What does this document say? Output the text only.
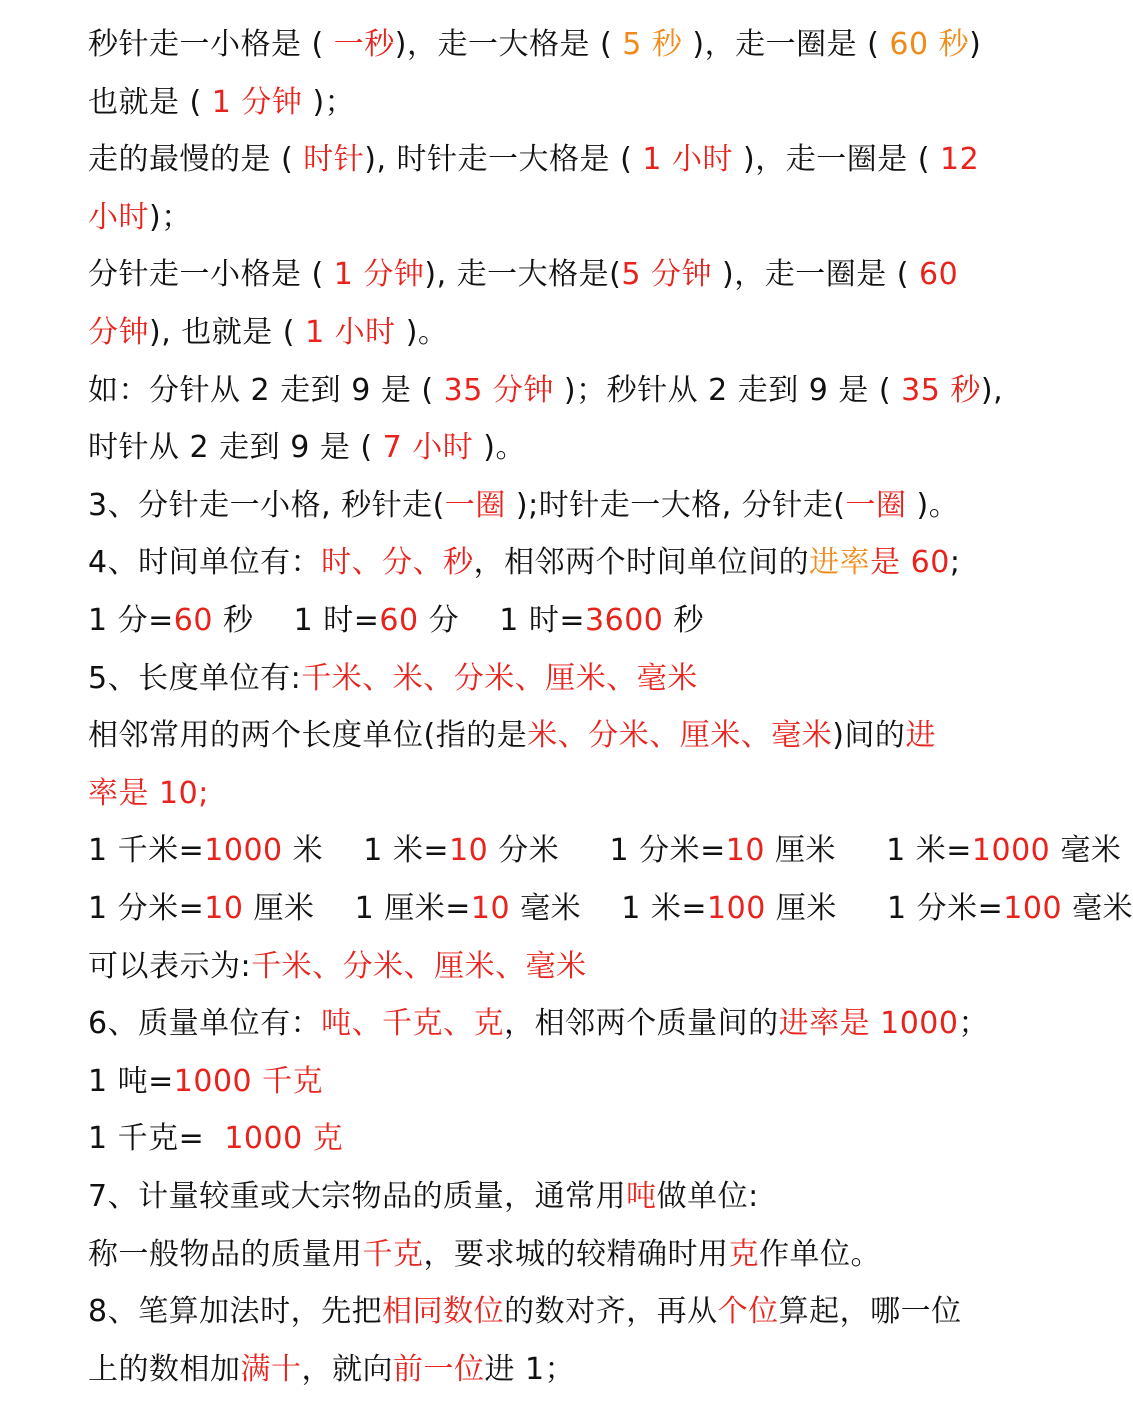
秒针走一小格是 ( 一秒)，走一大格是 ( 5 秒 )，走一圈是 ( 60 秒)
也就是 ( 1 分钟 )；
走的最慢的是 ( 时针), 时针走一大格是 ( 1 小时 )，走一圈是 ( 12
小时)；
分针走一小格是 ( 1 分钟), 走一大格是(5 分钟 )，走一圈是 ( 60
分钟), 也就是 ( 1 小时 )。
如：分针从 2 走到 9 是 ( 35 分钟 )；秒针从 2 走到 9 是 ( 35 秒),
时针从 2 走到 9 是 ( 7 小时 )。
3、分针走一小格, 秒针走(一圈 );时针走一大格, 分针走(一圈 )。
4、时间单位有：时、分、秒，相邻两个时间单位间的进率是 60;
1 分=60 秒    1 时=60 分    1 时=3600 秒
5、长度单位有:千米、米、分米、厘米、毫米
相邻常用的两个长度单位(指的是米、分米、厘米、毫米)间的进
率是 10;
1 千米=1000 米    1 米=10 分米     1 分米=10 厘米     1 米=1000 毫米
1 分米=10 厘米    1 厘米=10 毫米    1 米=100 厘米     1 分米=100 毫米
可以表示为:千米、分米、厘米、毫米
6、质量单位有：吨、千克、克，相邻两个质量间的进率是 1000；
1 吨=1000 千克
1 千克=  1000 克
7、计量较重或大宗物品的质量，通常用吨做单位:
称一般物品的质量用千克，要求城的较精确时用克作单位。
8、笔算加法时，先把相同数位的数对齐，再从个位算起，哪一位
上的数相加满十，就向前一位进 1；
